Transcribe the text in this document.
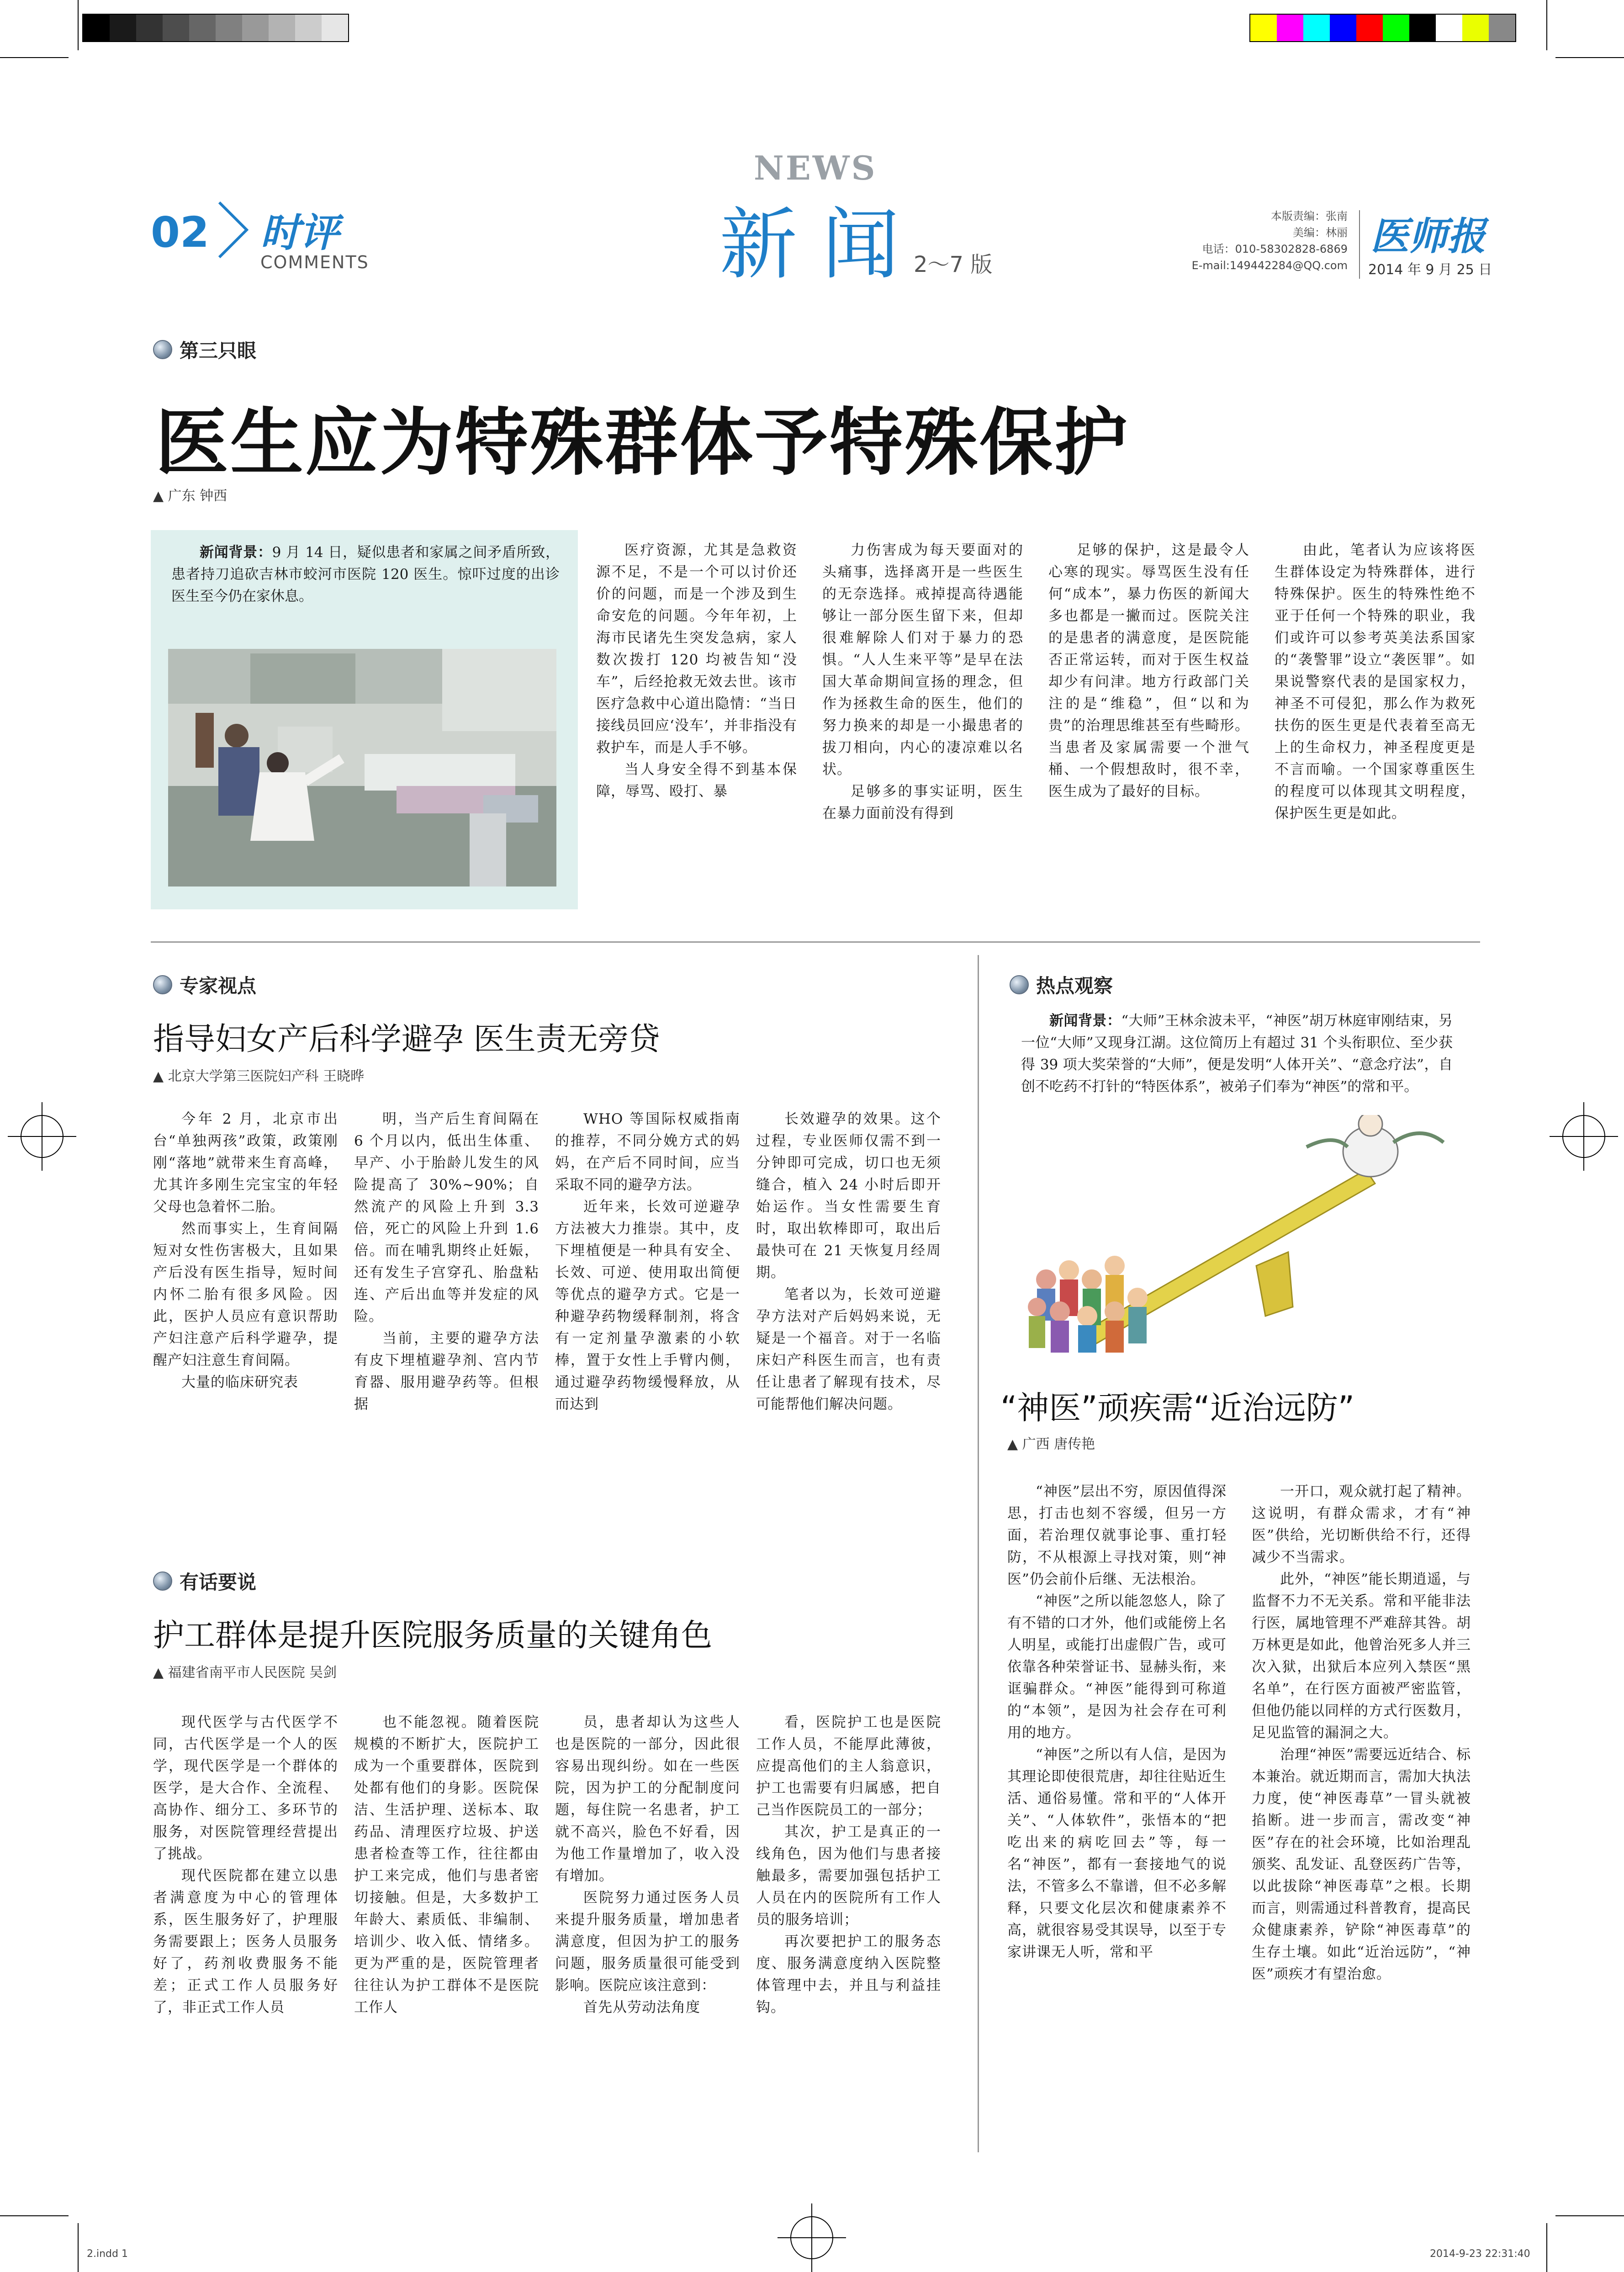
02 时评
COMMENTS
NEWS
新 闻 2～7 版
本版责编：张南
美编：林丽
电话：010-58302828-6869
E-mail:149442284@QQ.com
医师报
2014 年 9 月 25 日
第三只眼
医生应为特殊群体予特殊保护
▲ 广东 钟西
新闻背景：9 月 14 日，疑似患者和家属之间矛盾所致，患者持刀追砍吉林市蛟河市医院 120 医生。惊吓过度的出诊医生至今仍在家休息。

医疗资源，尤其是急救资源不足，不是一个可以讨价还价的问题，而是一个涉及到生命安危的问题。今年年初，上海市民诸先生突发急病，家人数次拨打 120 均被告知“没车”，后经抢救无效去世。该市医疗急救中心道出隐情：“当日接线员回应‘没车’，并非指没有救护车，而是人手不够。

当人身安全得不到基本保障，辱骂、殴打、暴

力伤害成为每天要面对的头痛事，选择离开是一些医生的无奈选择。戒掉提高待遇能够让一部分医生留下来，但却很难解除人们对于暴力的恐惧。“人人生来平等”是早在法国大革命期间宣扬的理念，但作为拯救生命的医生，他们的努力换来的却是一小撮患者的拔刀相向，内心的凄凉难以名状。

足够多的事实证明，医生在暴力面前没有得到

足够的保护，这是最令人心寒的现实。辱骂医生没有任何“成本”，暴力伤医的新闻大多也都是一撇而过。医院关注的是患者的满意度，是医院能否正常运转，而对于医生权益却少有问津。地方行政部门关注的是“维稳”，但“以和为贵”的治理思维甚至有些畸形。当患者及家属需要一个泄气桶、一个假想敌时，很不幸，医生成为了最好的目标。

由此，笔者认为应该将医生群体设定为特殊群体，进行特殊保护。医生的特殊性绝不亚于任何一个特殊的职业，我们或许可以参考英美法系国家的“袭警罪”设立“袭医罪”。如果说警察代表的是国家权力，神圣不可侵犯，那么作为救死扶伤的医生更是代表着至高无上的生命权力，神圣程度更是不言而喻。一个国家尊重医生的程度可以体现其文明程度，保护医生更是如此。

专家视点
指导妇女产后科学避孕 医生责无旁贷
▲ 北京大学第三医院妇产科 王晓晔

今年 2 月，北京市出台“单独两孩”政策，政策刚刚“落地”就带来生育高峰，尤其许多刚生完宝宝的年轻父母也急着怀二胎。

然而事实上，生育间隔短对女性伤害极大，且如果产后没有医生指导，短时间内怀二胎有很多风险。因此，医护人员应有意识帮助产妇注意产后科学避孕，提醒产妇注意生育间隔。

大量的临床研究表

明，当产后生育间隔在 6 个月以内，低出生体重、早产、小于胎龄儿发生的风险提高了 30%~90%；自然流产的风险上升到 3.3 倍，死亡的风险上升到 1.6 倍。而在哺乳期终止妊娠，还有发生子宫穿孔、胎盘粘连、产后出血等并发症的风险。

当前，主要的避孕方法有皮下埋植避孕剂、宫内节育器、服用避孕药等。但根据

WHO 等国际权威指南的推荐，不同分娩方式的妈妈，在产后不同时间，应当采取不同的避孕方法。

近年来，长效可逆避孕方法被大力推崇。其中，皮下埋植便是一种具有安全、长效、可逆、使用取出简便等优点的避孕方式。它是一种避孕药物缓释制剂，将含有一定剂量孕激素的小软棒，置于女性上手臂内侧，通过避孕药物缓慢释放，从而达到

长效避孕的效果。这个过程，专业医师仅需不到一分钟即可完成，切口也无须缝合，植入 24 小时后即开始运作。当女性需要生育时，取出软棒即可，取出后最快可在 21 天恢复月经周期。

笔者以为，长效可逆避孕方法对产后妈妈来说，无疑是一个福音。对于一名临床妇产科医生而言，也有责任让患者了解现有技术，尽可能帮他们解决问题。

有话要说
护工群体是提升医院服务质量的关键角色
▲ 福建省南平市人民医院 吴剑

现代医学与古代医学不同，古代医学是一个人的医学，现代医学是一个群体的医学，是大合作、全流程、高协作、细分工、多环节的服务，对医院管理经营提出了挑战。

现代医院都在建立以患者满意度为中心的管理体系，医生服务好了，护理服务需要跟上；医务人员服务好了，药剂收费服务不能差；正式工作人员服务好了，非正式工作人员

也不能忽视。随着医院规模的不断扩大，医院护工成为一个重要群体，医院到处都有他们的身影。医院保洁、生活护理、送标本、取药品、清理医疗垃圾、护送患者检查等工作，往往都由护工来完成，他们与患者密切接触。但是，大多数护工年龄大、素质低、非编制、培训少、收入低、情绪多。更为严重的是，医院管理者往往认为护工群体不是医院工作人

员，患者却认为这些人也是医院的一部分，因此很容易出现纠纷。如在一些医院，因为护工的分配制度问题，每住院一名患者，护工就不高兴，脸色不好看，因为他工作量增加了，收入没有增加。

医院努力通过医务人员来提升服务质量，增加患者满意度，但因为护工的服务问题，服务质量很可能受到影响。医院应该注意到：

首先从劳动法角度

看，医院护工也是医院工作人员，不能厚此薄彼，应提高他们的主人翁意识，护工也需要有归属感，把自己当作医院员工的一部分；

其次，护工是真正的一线角色，因为他们与患者接触最多，需要加强包括护工人员在内的医院所有工作人员的服务培训；

再次要把护工的服务态度、服务满意度纳入医院整体管理中去，并且与利益挂钩。

热点观察
新闻背景：“大师”王林余波未平，“神医”胡万林庭审刚结束，另一位“大师”又现身江湖。这位简历上有超过 31 个头衔职位、至少获得 39 项大奖荣誉的“大师”，便是发明“人体开关”、“意念疗法”，自创不吃药不打针的“特医体系”，被弟子们奉为“神医”的常和平。
“神医”顽疾需“近治远防”
▲ 广西 唐传艳

“神医”层出不穷，原因值得深思，打击也刻不容缓，但另一方面，若治理仅就事论事、重打轻防，不从根源上寻找对策，则“神医”仍会前仆后继、无法根治。

“神医”之所以能忽悠人，除了有不错的口才外，他们或能傍上名人明星，或能打出虚假广告，或可依靠各种荣誉证书、显赫头衔，来诓骗群众。“神医”能得到可称道的“本领”，是因为社会存在可利用的地方。

“神医”之所以有人信，是因为其理论即使很荒唐，却往往贴近生活、通俗易懂。常和平的“人体开关”、“人体软件”，张悟本的“把吃出来的病吃回去”等，每一名“神医”，都有一套接地气的说法，不管多么不靠谱，但不必多解释，只要文化层次和健康素养不高，就很容易受其误导，以至于专家讲课无人听，常和平

一开口，观众就打起了精神。这说明，有群众需求，才有“神医”供给，光切断供给不行，还得减少不当需求。

此外，“神医”能长期逍遥，与监督不力不无关系。常和平能非法行医，属地管理不严难辞其咎。胡万林更是如此，他曾治死多人并三次入狱，出狱后本应列入禁医“黑名单”，在行医方面被严密监管，但他仍能以同样的方式行医数月，足见监管的漏洞之大。

治理“神医”需要远近结合、标本兼治。就近期而言，需加大执法力度，使“神医毒草”一冒头就被掐断。进一步而言，需改变“神医”存在的社会环境，比如治理乱颁奖、乱发证、乱登医药广告等，以此拔除“神医毒草”之根。长期而言，则需通过科普教育，提高民众健康素养，铲除“神医毒草”的生存土壤。如此“近治远防”，“神医”顽疾才有望治愈。

2.indd 1	2014-9-23 22:31:40
